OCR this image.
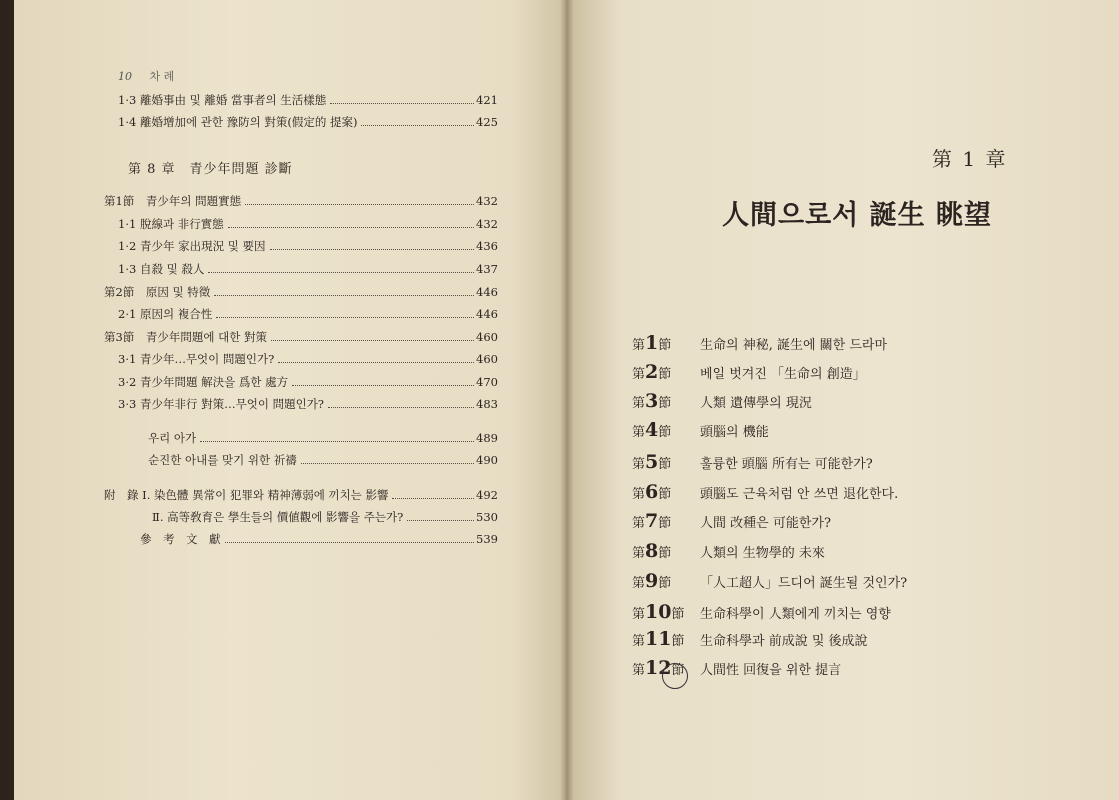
10 차 례
1·3 離婚事由 및 離婚 當事者의 生活樣態	421
1·4 離婚增加에 관한 豫防의 對策(假定的 提案)	425
第 8 章　青少年問題 診斷
第1節　青少年의 問題實態	432
1·1 脫線과 非行實態	432
1·2 青少年 家出現況 및 要因	436
1·3 自殺 및 殺人	437
第2節　原因 및 特徵	446
2·1 原因의 複合性	446
第3節　青少年問題에 대한 對策	460
3·1 青少年…무엇이 問題인가?	460
3·2 青少年問題 解決을 爲한 處方	470
3·3 青少年非行 對策…무엇이 問題인가?	483
우리 아가	489
순진한 아내를 맞기 위한 祈禱	490
附　錄 Ⅰ. 染色體 異常이 犯罪와 精神薄弱에 끼치는 影響	492
Ⅱ. 高等敎育은 學生들의 價値觀에 影響을 주는가?	530
參　考　文　獻	539
第 1 章
人間으로서 誕生 眺望
第1節	生命의 神秘, 誕生에 關한 드라마
第2節	베일 벗겨진 「生命의 創造」
第3節	人類 遺傳學의 現況
第4節	頭腦의 機能
第5節	훌륭한 頭腦 所有는 可能한가?
第6節	頭腦도 근육처럼 안 쓰면 退化한다.
第7節	人間 改種은 可能한가?
第8節	人類의 生物學的 未來
第9節	「人工超人」드디어 誕生될 것인가?
第10節	生命科學이 人類에게 끼치는 영향
第11節	生命科學과 前成說 및 後成說
第12節	人間性 回復을 위한 提言
